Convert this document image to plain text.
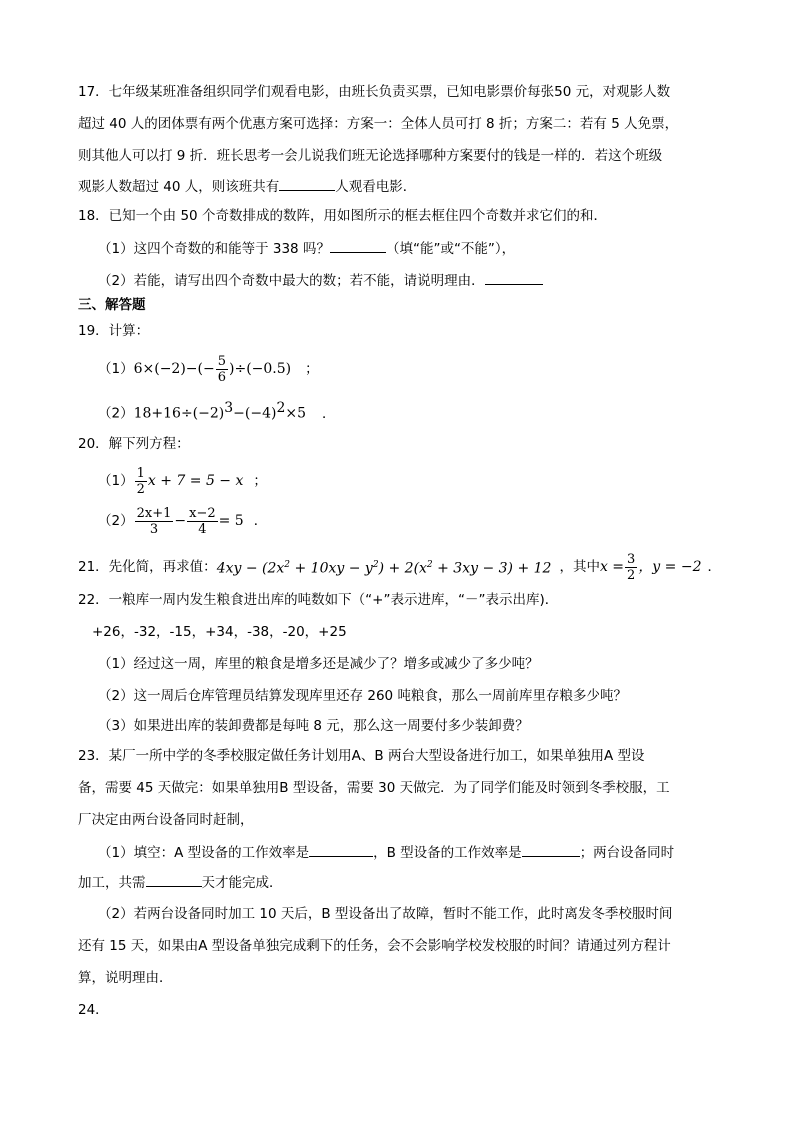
17．七年级某班准备组织同学们观看电影，由班长负责买票，已知电影票价每张50 元，对观影人数
超过 40 人的团体票有两个优惠方案可选择：方案一：全体人员可打 8 折；方案二：若有 5 人免票，
则其他人可以打 9 折．班长思考一会儿说我们班无论选择哪种方案要付的钱是一样的．若这个班级
观影人数超过 40 人，则该班共有	人观看电影．
18．已知一个由 50 个奇数排成的数阵，用如图所示的框去框住四个奇数并求它们的和．
（1）这四个奇数的和能等于 338 吗？	（填“能”或“不能”），
（2）若能，请写出四个奇数中最大的数；若不能，请说明理由．
三、解答题
19．计算：
（1） $6\times(-2)-(- \frac{5}{6} )\div(-0.5)$ ；
$(2)18+16\div(-2)^3-(-4)^2\times 5$ ．
20．解下列方程：
$(1) \frac{1}{2}$ x + 7 = 5 − x ；
$(2) \frac{2x+1}{3} - \frac{x-2}{4} = 5$ ．
21．先化简，再求值： $4xy - (2x^2 + 10xy - y^2) + 2(x^2 + 3xy - 3) + 12$ ，其中 $x = \frac{3}{2}$ ，y = −2 ．
22．一粮库一周内发生粮食进出库的吨数如下（“+”表示进库，“－”表示出库)．
+26，-32，-15，+34，-38，-20，+25
（1）经过这一周，库里的粮食是增多还是减少了？增多或减少了多少吨？
（2）这一周后仓库管理员结算发现库里还存 260 吨粮食，那么一周前库里存粮多少吨？
（3）如果进出库的装卸费都是每吨 8 元，那么这一周要付多少装卸费？
23．某厂一所中学的冬季校服定做任务计划用A、B 两台大型设备进行加工，如果单独用A 型设
备，需要 45 天做完：如果单独用B 型设备，需要 30 天做完．为了同学们能及时领到冬季校服，工
厂决定由两台设备同时赶制，
（1）填空：A 型设备的工作效率是	，B 型设备的工作效率是	；两台设备同时
加工，共需	天才能完成．
（2）若两台设备同时加工 10 天后，B 型设备出了故障，暂时不能工作，此时离发冬季校服时间
还有 15 天，如果由A 型设备单独完成剩下的任务，会不会影响学校发校服的时间？请通过列方程计
算，说明理由．
24．
